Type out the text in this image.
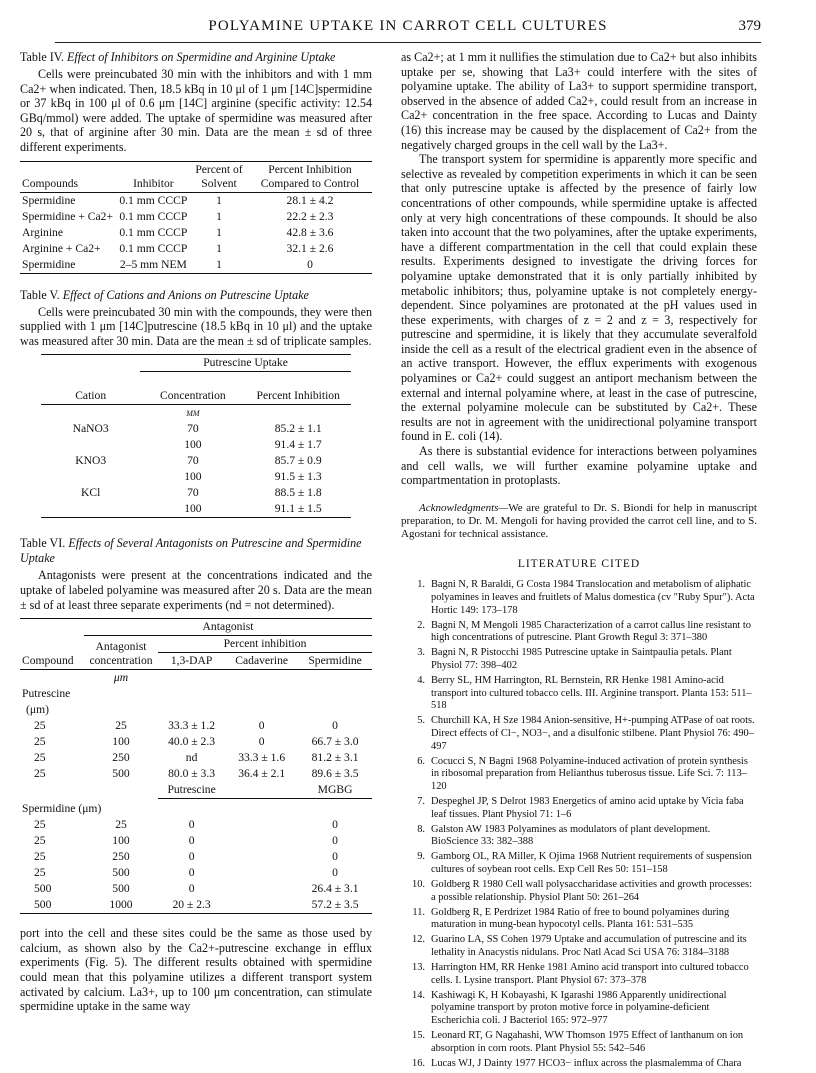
POLYAMINE UPTAKE IN CARROT CELL CULTURES	379

Table IV. Effect of Inhibitors on Spermidine and Arginine Uptake

Cells were preincubated 30 min with the inhibitors and with 1 mm Ca2+ when indicated. Then, 18.5 kBq in 10 μl of 1 μm [14C]spermidine or 37 kBq in 100 μl of 0.6 μm [14C] arginine (specific activity: 12.54 GBq/mmol) were added. The uptake of spermidine was measured after 20 s, that of arginine after 30 min. Data are the mean ± sd of three different experiments.

Compounds	Inhibitor	Percent of Solvent	Percent Inhibition Compared to Control
Spermidine	0.1 mm CCCP	1	28.1 ± 4.2
Spermidine + Ca2+	0.1 mm CCCP	1	22.2 ± 2.3
Arginine	0.1 mm CCCP	1	42.8 ± 3.6
Arginine + Ca2+	0.1 mm CCCP	1	32.1 ± 2.6
Spermidine	2–5 mm NEM	1	0

Table V. Effect of Cations and Anions on Putrescine Uptake

Cells were preincubated 30 min with the compounds, they were then supplied with 1 μm [14C]putrescine (18.5 kBq in 10 μl) and the uptake was measured after 30 min. Data are the mean ± sd of triplicate samples.

Cation	Putrescine Uptake	
	Concentration	Percent Inhibition
	mm	
NaNO3	70	85.2 ± 1.1
	100	91.4 ± 1.7
KNO3	70	85.7 ± 0.9
	100	91.5 ± 1.3
KCl	70	88.5 ± 1.8
	100	91.1 ± 1.5

Table VI. Effects of Several Antagonists on Putrescine and Spermidine Uptake

Antagonists were present at the concentrations indicated and the uptake of labeled polyamine was measured after 20 s. Data are the mean ± sd of at least three separate experiments (nd = not determined).

Compound	Antagonist			
	Antagonist concentration	Percent inhibition		
		1,3-DAP	Cadaverine	Spermidine
	μm			
Putrescine				
(μm)				
25	25	33.3 ± 1.2	0	0
25	100	40.0 ± 2.3	0	66.7 ± 3.0
25	250	nd	33.3 ± 1.6	81.2 ± 3.1
25	500	80.0 ± 3.3	36.4 ± 2.1	89.6 ± 3.5
		Putrescine		MGBG
Spermidine (μm)				
25	25	0		0
25	100	0		0
25	250	0		0
25	500	0		0
500	500	0		26.4 ± 3.1
500	1000	20 ± 2.3		57.2 ± 3.5

port into the cell and these sites could be the same as those used by calcium, as shown also by the Ca2+-putrescine exchange in efflux experiments (Fig. 5). The different results obtained with spermidine could mean that this polyamine utilizes a different transport system activated by calcium. La3+, up to 100 μm concentration, can stimulate spermidine uptake in the same way

as Ca2+; at 1 mm it nullifies the stimulation due to Ca2+ but also inhibits uptake per se, showing that La3+ could interfere with the sites of polyamine uptake. The ability of La3+ to support spermidine transport, observed in the absence of added Ca2+, could result from an increase in Ca2+ concentration in the free space. According to Lucas and Dainty (16) this increase may be caused by the displacement of Ca2+ from the negatively charged groups in the cell wall by the La3+.

The transport system for spermidine is apparently more specific and selective as revealed by competition experiments in which it can be seen that only putrescine uptake is affected by the presence of fairly low concentrations of other compounds, while spermidine uptake is affected only at very high concentrations of these compounds. It should be also taken into account that the two polyamines, after the uptake experiments, have a different compartmentation in the cell that could explain these results. Experiments designed to investigate the driving forces for polyamine uptake demonstrated that it is only partially inhibited by metabolic inhibitors; thus, polyamine uptake is not completely energy-dependent. Since polyamines are protonated at the pH values used in these experiments, with charges of z = 2 and z = 3, respectively for putrescine and spermidine, it is likely that they accumulate severalfold inside the cell as a result of the electrical gradient even in the absence of an active transport. However, the efflux experiments with exogenous polyamines or Ca2+ could suggest an antiport mechanism between the external and internal polyamine where, at least in the case of putrescine, the external polyamine molecule can be substituted by Ca2+. These results are not in agreement with the unidirectional polyamine transport found in E. coli (14).

As there is substantial evidence for interactions between polyamines and cell walls, we will further examine polyamine uptake and compartmentation in protoplasts.

Acknowledgments—We are grateful to Dr. S. Biondi for help in manuscript preparation, to Dr. M. Mengoli for having provided the carrot cell line, and to S. Agostani for technical assistance.

LITERATURE CITED
1. Bagni N, R Baraldi, G Costa 1984 Translocation and metabolism of aliphatic polyamines in leaves and fruitlets of Malus domestica (cv "Ruby Spur"). Acta Hortic 149: 173–178
2. Bagni N, M Mengoli 1985 Characterization of a carrot callus line resistant to high concentrations of putrescine. Plant Growth Regul 3: 371–380
3. Bagni N, R Pistocchi 1985 Putrescine uptake in Saintpaulia petals. Plant Physiol 77: 398–402
4. Berry SL, HM Harrington, RL Bernstein, RR Henke 1981 Amino-acid transport into cultured tobacco cells. III. Arginine transport. Planta 153: 511–518
5. Churchill KA, H Sze 1984 Anion-sensitive, H+-pumping ATPase of oat roots. Direct effects of Cl−, NO3−, and a disulfonic stilbene. Plant Physiol 76: 490–497
6. Cocucci S, N Bagni 1968 Polyamine-induced activation of protein synthesis in ribosomal preparation from Helianthus tuberosus tissue. Life Sci. 7: 113–120
7. Despeghel JP, S Delrot 1983 Energetics of amino acid uptake by Vicia faba leaf tissues. Plant Physiol 71: 1–6
8. Galston AW 1983 Polyamines as modulators of plant development. BioScience 33: 382–388
9. Gamborg OL, RA Miller, K Ojima 1968 Nutrient requirements of suspension cultures of soybean root cells. Exp Cell Res 50: 151–158
10. Goldberg R 1980 Cell wall polysaccharidase activities and growth processes: a possible relationship. Physiol Plant 50: 261–264
11. Goldberg R, E Perdrizet 1984 Ratio of free to bound polyamines during maturation in mung-bean hypocotyl cells. Planta 161: 531–535
12. Guarino LA, SS Cohen 1979 Uptake and accumulation of putrescine and its lethality in Anacystis nidulans. Proc Natl Acad Sci USA 76: 3184–3188
13. Harrington HM, RR Henke 1981 Amino acid transport into cultured tobacco cells. I. Lysine transport. Plant Physiol 67: 373–378
14. Kashiwagi K, H Kobayashi, K Igarashi 1986 Apparently unidirectional polyamine transport by proton motive force in polyamine-deficient Escherichia coli. J Bacteriol 165: 972–977
15. Leonard RT, G Nagahashi, WW Thomson 1975 Effect of lanthanum on ion absorption in corn roots. Plant Physiol 55: 542–546
16. Lucas WJ, J Dainty 1977 HCO3− influx across the plasmalemma of Chara
